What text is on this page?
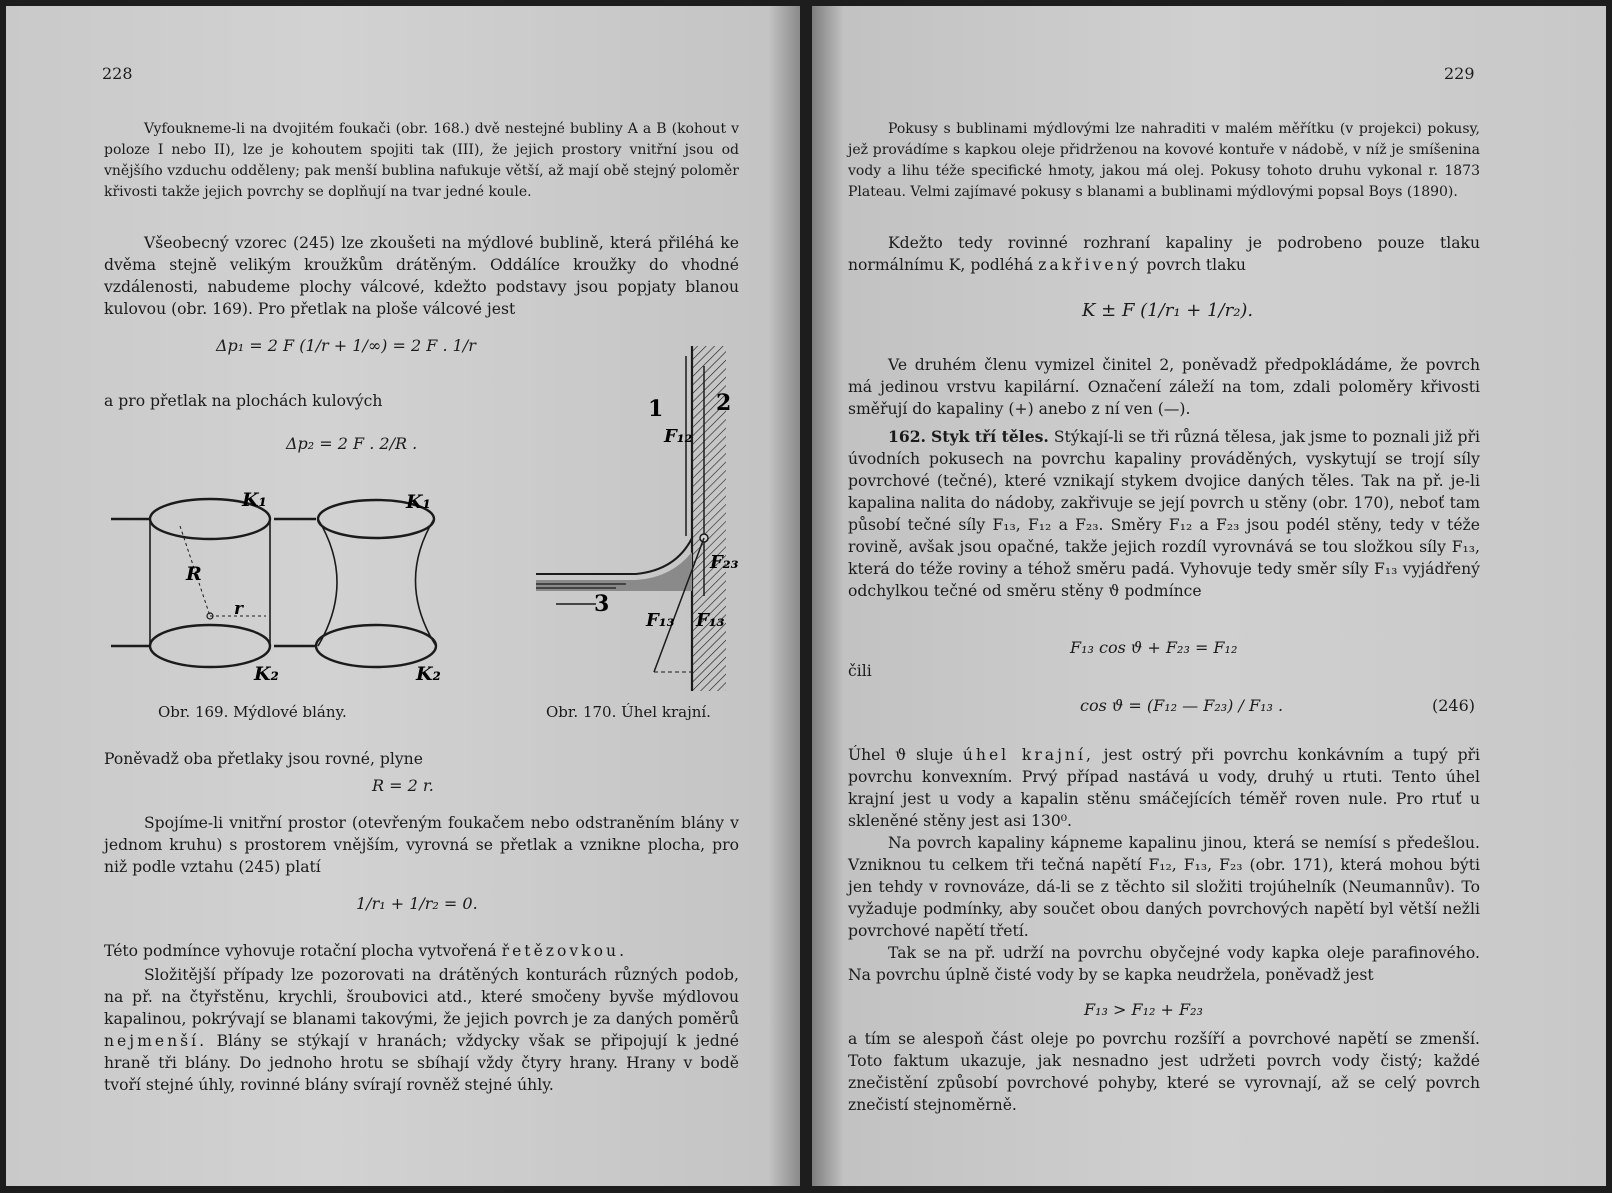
228

Vyfoukneme-li na dvojitém foukači (obr. 168.) dvě nestejné bubliny A a B (kohout v poloze I nebo II), lze je kohoutem spojiti tak (III), že jejich prostory vnitřní jsou od vnějšího vzduchu odděleny; pak menší bublina nafukuje větší, až mají obě stejný poloměr křivosti takže jejich povrchy se doplňují na tvar jedné koule.

Všeobecný vzorec (245) lze zkoušeti na mýdlové bublině, která přiléhá ke dvěma stejně velikým kroužkům drátěným. Oddálíce kroužky do vhodné vzdálenosti, nabudeme plochy válcové, kdežto podstavy jsou popjaty blanou kulovou (obr. 169). Pro přetlak na ploše válcové jest

Δp₁ = 2 F (1/r + 1/∞) = 2 F . 1/r

a pro přetlak na plochách kulových

Δp₂ = 2 F . 2/R .
K₁
K₂
R
r
K₁
K₂
Obr. 169. Mýdlové blány.
1 2
3
F₁₂
F₂₃
F₁₃ F₁₃
Obr. 170. Úhel krajní.

Poněvadž oba přetlaky jsou rovné, plyne

R = 2 r.

Spojíme-li vnitřní prostor (otevřeným foukačem nebo odstraněním blány v jednom kruhu) s prostorem vnějším, vyrovná se přetlak a vznikne plocha, pro niž podle vztahu (245) platí

1/r₁ + 1/r₂ = 0.

Této podmínce vyhovuje rotační plocha vytvořená řetězovkou.

Složitější případy lze pozorovati na drátěných konturách různých podob, na př. na čtyřstěnu, krychli, šroubovici atd., které smočeny byvše mýdlovou kapalinou, pokrývají se blanami takovými, že jejich povrch je za daných poměrů nejmenší. Blány se stýkají v hranách; vždycky však se připojují k jedné hraně tři blány. Do jednoho hrotu se sbíhají vždy čtyry hrany. Hrany v bodě tvoří stejné úhly, rovinné blány svírají rovněž stejné úhly.

229

Pokusy s bublinami mýdlovými lze nahraditi v malém měřítku (v projekci) pokusy, jež provádíme s kapkou oleje přidrženou na kovové kontuře v nádobě, v níž je smíšenina vody a lihu téže specifické hmoty, jakou má olej. Pokusy tohoto druhu vykonal r. 1873 Plateau. Velmi zajímavé pokusy s blanami a bublinami mýdlovými popsal Boys (1890).

Kdežto tedy rovinné rozhraní kapaliny je podrobeno pouze tlaku normálnímu K, podléhá zakřivený povrch tlaku

K ± F (1/r₁ + 1/r₂).

Ve druhém členu vymizel činitel 2, poněvadž předpokládáme, že povrch má jedinou vrstvu kapilární. Označení záleží na tom, zdali poloměry křivosti směřují do kapaliny (+) anebo z ní ven (—).

162. Styk tří těles. Stýkají-li se tři různá tělesa, jak jsme to poznali již při úvodních pokusech na povrchu kapaliny prováděných, vyskytují se trojí síly povrchové (tečné), které vznikají stykem dvojice daných těles. Tak na př. je-li kapalina nalita do nádoby, zakřivuje se její povrch u stěny (obr. 170), neboť tam působí tečné síly F₁₃, F₁₂ a F₂₃. Směry F₁₂ a F₂₃ jsou podél stěny, tedy v téže rovině, avšak jsou opačné, takže jejich rozdíl vyrovnává se tou složkou síly F₁₃, která do téže roviny a téhož směru padá. Vyhovuje tedy směr síly F₁₃ vyjádřený odchylkou tečné od směru stěny ϑ podmínce

F₁₃ cos ϑ + F₂₃ = F₁₂

čili

cos ϑ = (F₁₂ — F₂₃) / F₁₃ .	(246)

Úhel ϑ sluje úhel krajní, jest ostrý při povrchu konkávním a tupý při povrchu konvexním. Prvý případ nastává u vody, druhý u rtuti. Tento úhel krajní jest u vody a kapalin stěnu smáčejících téměř roven nule. Pro rtuť u skleněné stěny jest asi 130⁰.

Na povrch kapaliny kápneme kapalinu jinou, která se nemísí s předešlou. Vzniknou tu celkem tři tečná napětí F₁₂, F₁₃, F₂₃ (obr. 171), která mohou býti jen tehdy v rovnováze, dá-li se z těchto sil složiti trojúhelník (Neumannův). To vyžaduje podmínky, aby součet obou daných povrchových napětí byl větší nežli povrchové napětí třetí.

Tak se na př. udrží na povrchu obyčejné vody kapka oleje parafinového. Na povrchu úplně čisté vody by se kapka neudržela, poněvadž jest

F₁₃ > F₁₂ + F₂₃

a tím se alespoň část oleje po povrchu rozšíří a povrchové napětí se zmenší. Toto faktum ukazuje, jak nesnadno jest udržeti povrch vody čistý; každé znečistění způsobí povrchové pohyby, které se vyrovnají, až se celý povrch znečistí stejnoměrně.
